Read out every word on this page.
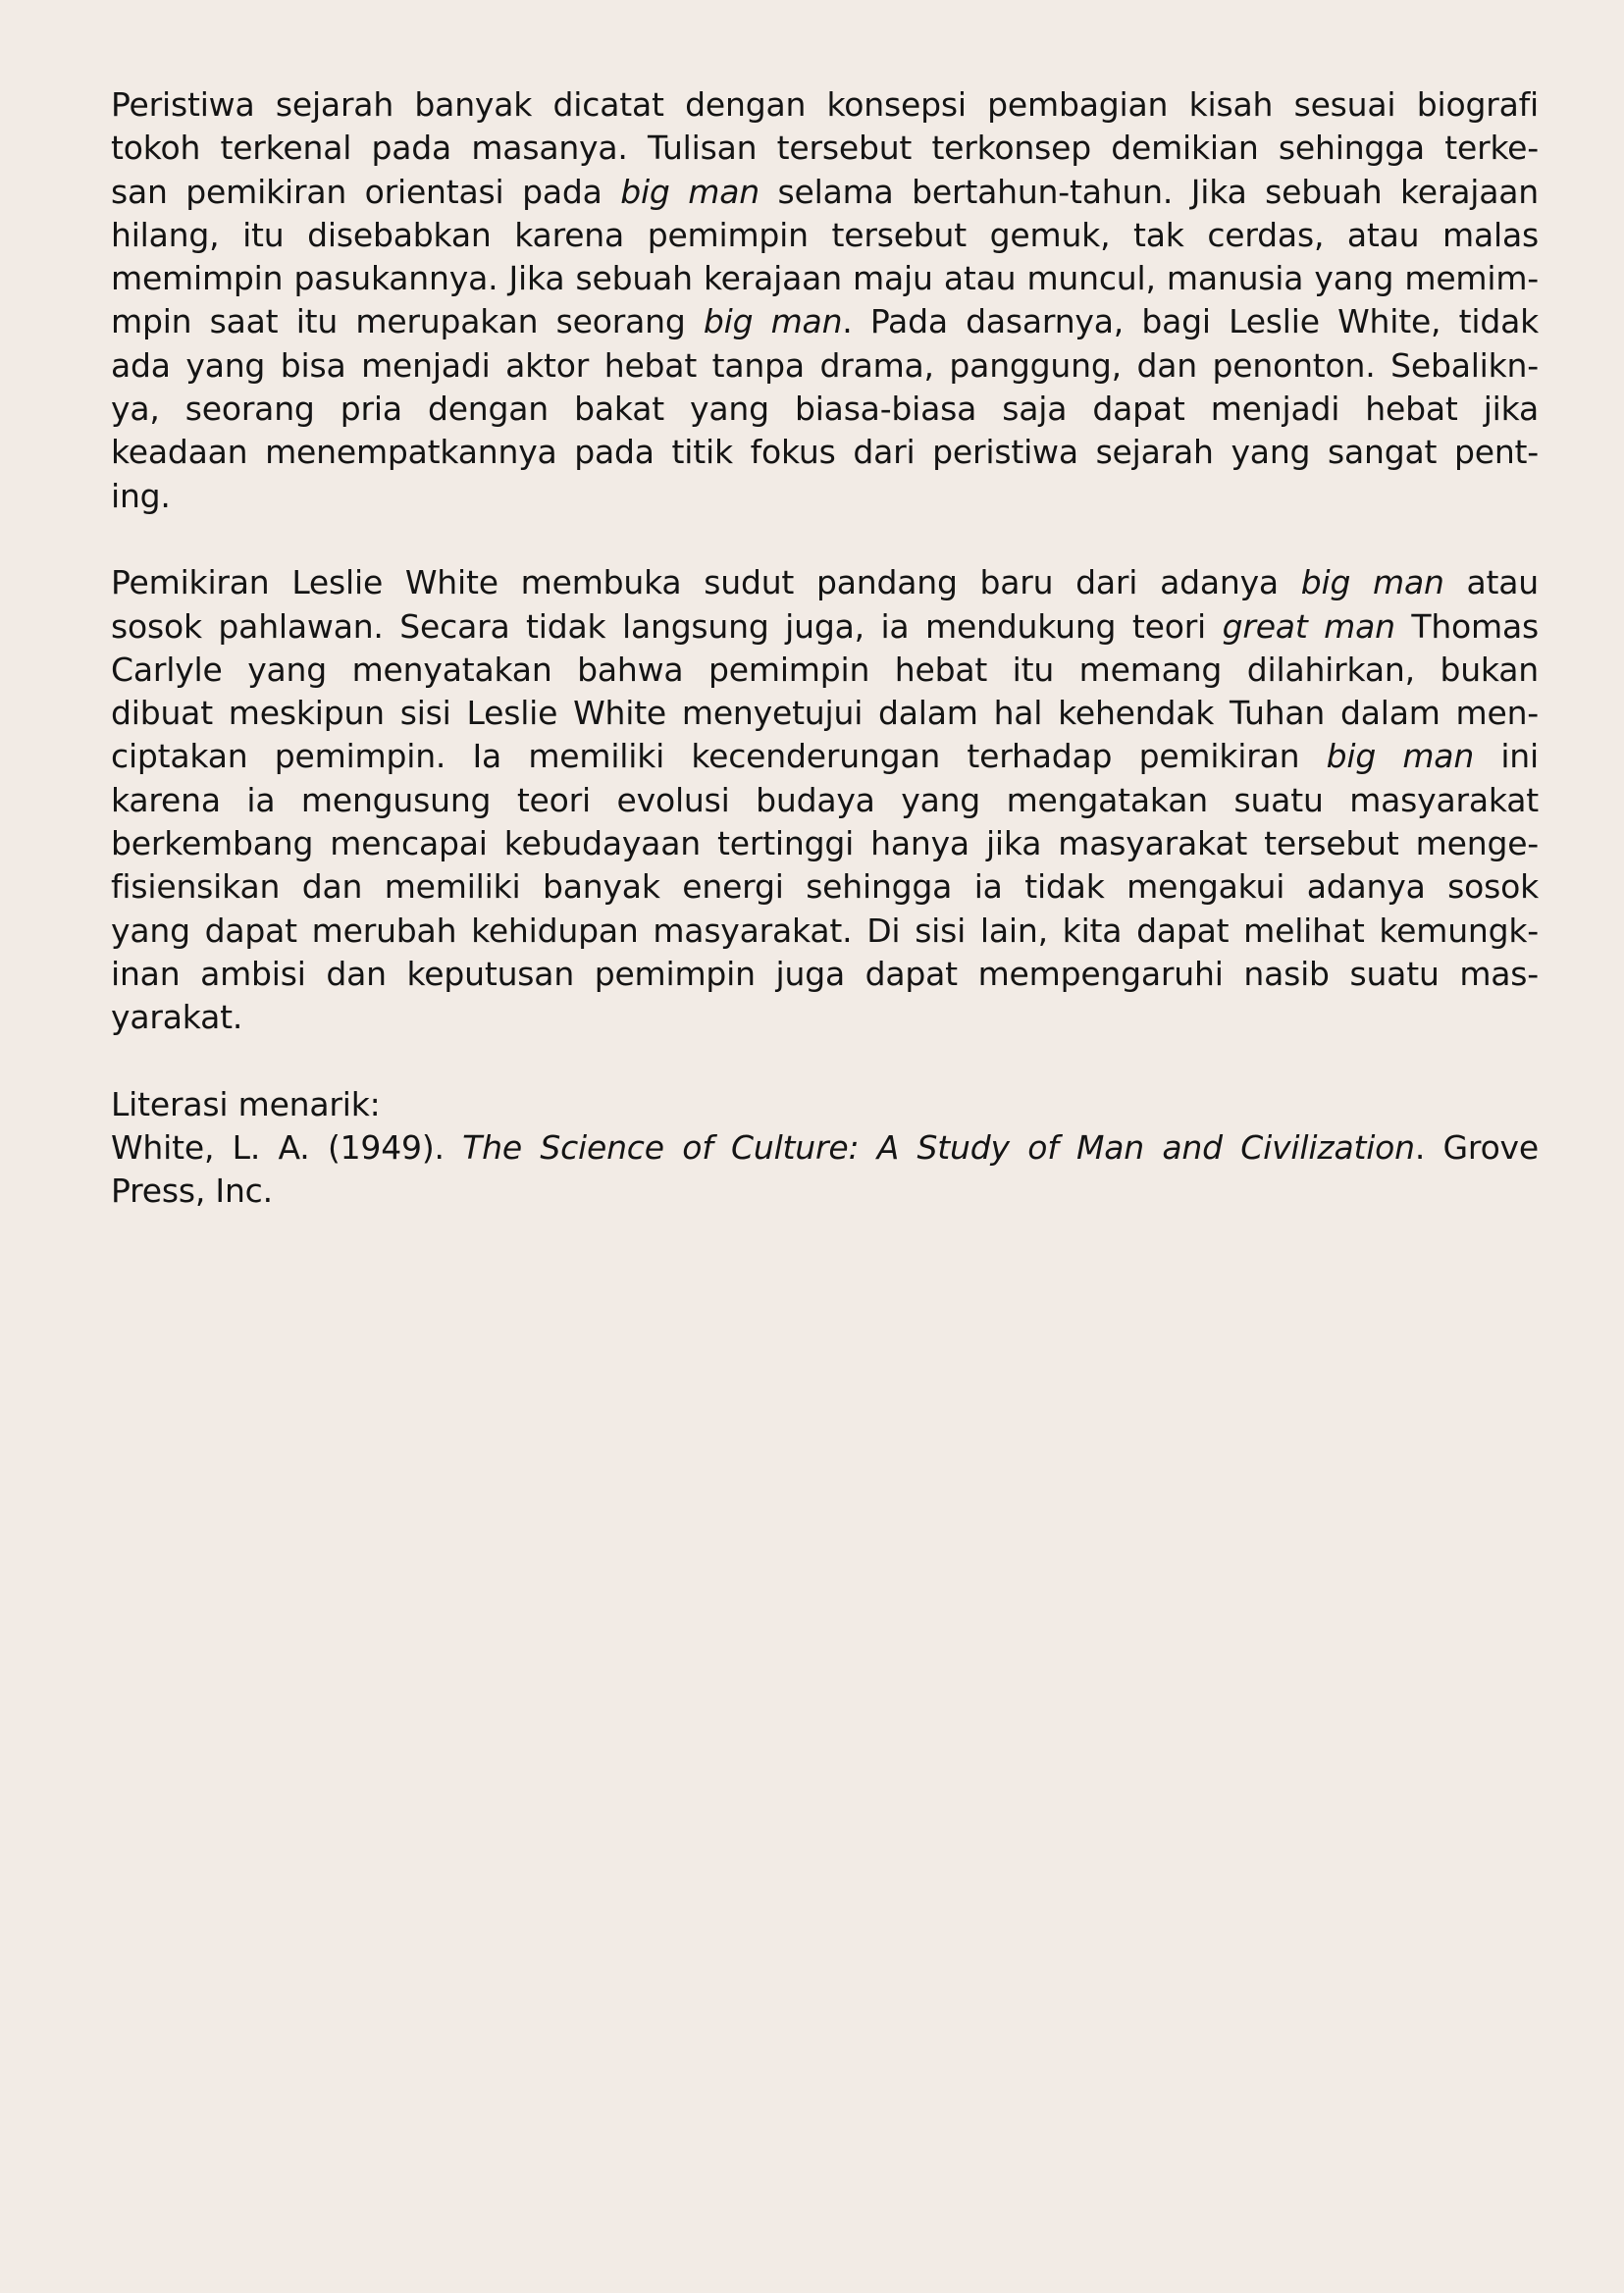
Peristiwa sejarah banyak dicatat dengan konsepsi pembagian kisah sesuai biografi
tokoh terkenal pada masanya. Tulisan tersebut terkonsep demikian sehingga terke-
san pemikiran orientasi pada big man selama bertahun-tahun. Jika sebuah kerajaan
hilang, itu disebabkan karena pemimpin tersebut gemuk, tak cerdas, atau malas
memimpin pasukannya. Jika sebuah kerajaan maju atau muncul, manusia yang memim-
mpin saat itu merupakan seorang big man. Pada dasarnya, bagi Leslie White, tidak
ada yang bisa menjadi aktor hebat tanpa drama, panggung, dan penonton. Sebalikn-
ya, seorang pria dengan bakat yang biasa-biasa saja dapat menjadi hebat jika
keadaan menempatkannya pada titik fokus dari peristiwa sejarah yang sangat pent-
ing.
Pemikiran Leslie White membuka sudut pandang baru dari adanya big man atau
sosok pahlawan. Secara tidak langsung juga, ia mendukung teori great man Thomas
Carlyle yang menyatakan bahwa pemimpin hebat itu memang dilahirkan, bukan
dibuat meskipun sisi Leslie White menyetujui dalam hal kehendak Tuhan dalam men-
ciptakan pemimpin. Ia memiliki kecenderungan terhadap pemikiran big man ini
karena ia mengusung teori evolusi budaya yang mengatakan suatu masyarakat
berkembang mencapai kebudayaan tertinggi hanya jika masyarakat tersebut menge-
fisiensikan dan memiliki banyak energi sehingga ia tidak mengakui adanya sosok
yang dapat merubah kehidupan masyarakat. Di sisi lain, kita dapat melihat kemungk-
inan ambisi dan keputusan pemimpin juga dapat mempengaruhi nasib suatu mas-
yarakat.
Literasi menarik:
White, L. A. (1949). The Science of Culture: A Study of Man and Civilization. Grove
Press, Inc.
